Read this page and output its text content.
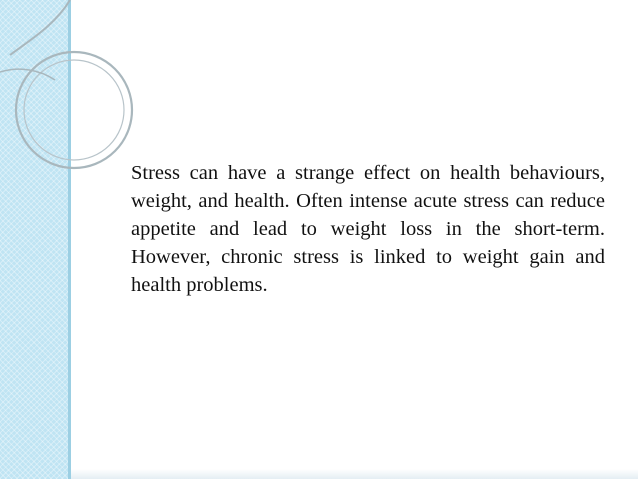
Stress can have a strange effect on health behaviours, weight, and health. Often intense acute stress can reduce appetite and lead to weight loss in the short-term. However, chronic stress is linked to weight gain and health problems.
